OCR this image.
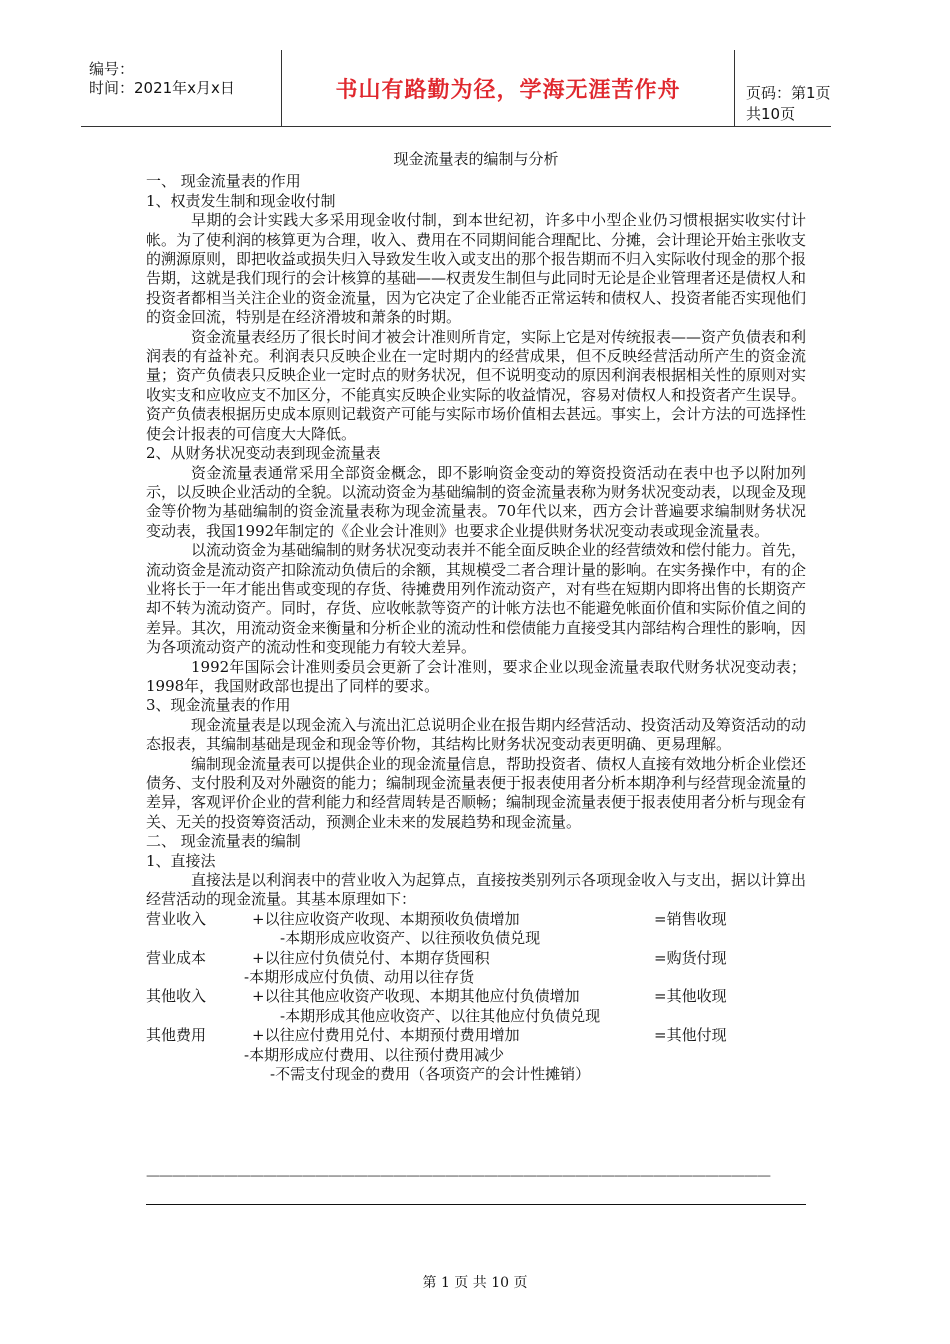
编号：
时间：2021年x月x日	书山有路勤为径，学海无涯苦作舟	页码：第1页 共10页
现金流量表的编制与分析

一、 现金流量表的作用

1、权责发生制和现金收付制

早期的会计实践大多采用现金收付制，到本世纪初，许多中小型企业仍习惯根据实收实付计帐。为了使利润的核算更为合理，收入、费用在不同期间能合理配比、分摊，会计理论开始主张收支的溯源原则，即把收益或损失归入导致发生收入或支出的那个报告期而不归入实际收付现金的那个报告期，这就是我们现行的会计核算的基础——权责发生制但与此同时无论是企业管理者还是债权人和投资者都相当关注企业的资金流量，因为它决定了企业能否正常运转和债权人、投资者能否实现他们的资金回流，特别是在经济滑坡和萧条的时期。

资金流量表经历了很长时间才被会计准则所肯定，实际上它是对传统报表——资产负债表和利润表的有益补充。利润表只反映企业在一定时期内的经营成果，但不反映经营活动所产生的资金流量；资产负债表只反映企业一定时点的财务状况，但不说明变动的原因利润表根据相关性的原则对实收实支和应收应支不加区分，不能真实反映企业实际的收益情况，容易对债权人和投资者产生误导。资产负债表根据历史成本原则记载资产可能与实际市场价值相去甚远。事实上，会计方法的可选择性使会计报表的可信度大大降低。

2、从财务状况变动表到现金流量表

资金流量表通常采用全部资金概念，即不影响资金变动的筹资投资活动在表中也予以附加列示，以反映企业活动的全貌。以流动资金为基础编制的资金流量表称为财务状况变动表，以现金及现金等价物为基础编制的资金流量表称为现金流量表。70年代以来，西方会计普遍要求编制财务状况变动表，我国1992年制定的《企业会计准则》也要求企业提供财务状况变动表或现金流量表。

以流动资金为基础编制的财务状况变动表并不能全面反映企业的经营绩效和偿付能力。首先，流动资金是流动资产扣除流动负债后的余额，其规模受二者合理计量的影响。在实务操作中，有的企业将长于一年才能出售或变现的存货、待摊费用列作流动资产，对有些在短期内即将出售的长期资产却不转为流动资产。同时，存货、应收帐款等资产的计帐方法也不能避免帐面价值和实际价值之间的差异。其次，用流动资金来衡量和分析企业的流动性和偿债能力直接受其内部结构合理性的影响，因为各项流动资产的流动性和变现能力有较大差异。

1992年国际会计准则委员会更新了会计准则，要求企业以现金流量表取代财务状况变动表；1998年，我国财政部也提出了同样的要求。

3、现金流量表的作用

现金流量表是以现金流入与流出汇总说明企业在报告期内经营活动、投资活动及筹资活动的动态报表，其编制基础是现金和现金等价物，其结构比财务状况变动表更明确、更易理解。

编制现金流量表可以提供企业的现金流量信息，帮助投资者、债权人直接有效地分析企业偿还债务、支付股利及对外融资的能力；编制现金流量表便于报表使用者分析本期净利与经营现金流量的差异，客观评价企业的营利能力和经营周转是否顺畅；编制现金流量表便于报表使用者分析与现金有关、无关的投资筹资活动，预测企业未来的发展趋势和现金流量。

二、 现金流量表的编制

1、直接法

直接法是以利润表中的营业收入为起算点，直接按类别列示各项现金收入与支出，据以计算出经营活动的现金流量。其基本原理如下：

营业收入	+以往应收资产收现、本期预收负债增加	=销售收现
-本期形成应收资产、以往预收负债兑现
营业成本	+以往应付负债兑付、本期存货囤积	=购货付现
-本期形成应付负债、动用以往存货
其他收入	+以往其他应收资产收现、本期其他应付负债增加	=其他收现
-本期形成其他应收资产、以往其他应付负债兑现
其他费用	+以往应付费用兑付、本期预付费用增加	=其他付现
-本期形成应付费用、以往预付费用减少
-不需支付现金的费用（各项资产的会计性摊销）
————————————————————————————————————————————————
第 1 页 共 10 页
